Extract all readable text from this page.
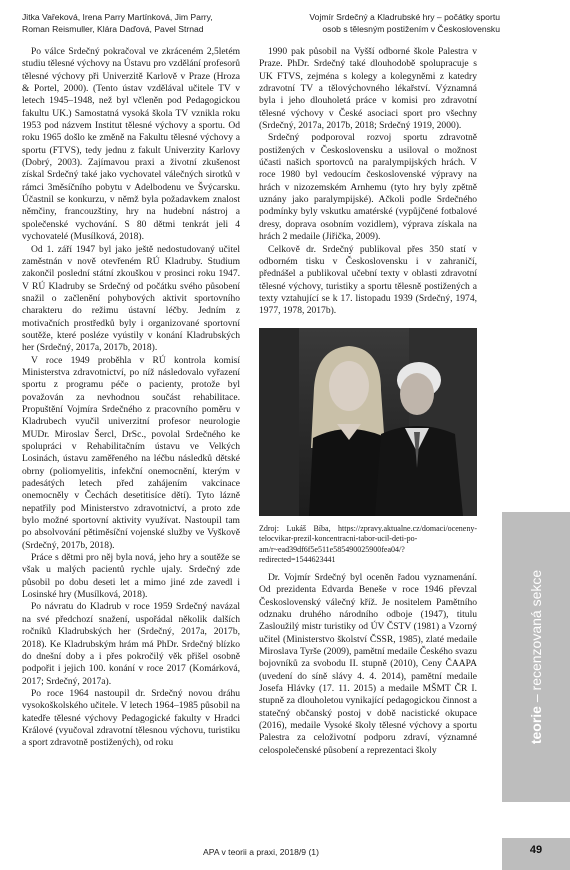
Jitka Vařeková, Irena Parry Martínková, Jim Parry,
Roman Reismuller, Klára Daďová, Pavel Strnad
Vojmír Srdečný a Kladrubské hry – počátky sportu
osob s tělesným postižením v Československu

Po válce Srdečný pokračoval ve zkráceném 2,5letém studiu tělesné výchovy na Ústavu pro vzdělání profesorů tělesné výchovy při Univerzitě Karlově v Praze (Hroza & Portel, 2000). (Tento ústav vzdělával učitele TV v letech 1945–1948, než byl včleněn pod Pedagogickou fakultu UK.) Samostatná vysoká škola TV vznikla roku 1953 pod názvem Institut tělesné výchovy a sportu. Od roku 1965 došlo ke změně na Fakultu tělesné výchovy a sportu (FTVS), tedy jednu z fakult Univerzity Karlovy (Dobrý, 2003). Zajímavou praxi a životní zkušenost získal Srdečný také jako vychovatel válečných sirotků v rámci 3měsíčního pobytu v Adelbodenu ve Švýcarsku. Účastnil se konkurzu, v němž byla požadavkem znalost němčiny, francouzštiny, hry na hudební nástroj a společenské vychování. S 80 dětmi tenkrát jeli 4 vychovatelé (Musílková, 2018).

Od 1. září 1947 byl jako ještě nedostudovaný učitel zaměstnán v nově otevřeném RÚ Kladruby. Studium zakončil poslední státní zkouškou v prosinci roku 1947. V RÚ Kladruby se Srdečný od počátku svého působení snažil o začlenění pohybových aktivit sportovního charakteru do režimu ústavní léčby. Jedním z motivačních prostředků byly i organizované sportovní soutěže, které posléze vyústily v konání Kladrubských her (Srdečný, 2017a, 2017b, 2018).

V roce 1949 proběhla v RÚ kontrola komisí Ministerstva zdravotnictví, po níž následovalo vyřazení sportu z programu péče o pacienty, protože byl považován za nevhodnou součást rehabilitace. Propuštění Vojmíra Srdečného z pracovního poměru v Kladrubech vyučil univerzitní profesor neurologie MUDr. Miroslav Šercl, DrSc., povolal Srdečného ke spolupráci v Rehabilitačním ústavu ve Velkých Losinách, ústavu zaměřeného na léčbu následků dětské obrny (poliomyelitis, infekční onemocnění, kterým v padesátých letech před zahájením vakcinace onemocněly v Čechách desetitisíce dětí). Tyto lázně nepatřily pod Ministerstvo zdravotnictví, a proto zde bylo možné sportovní aktivity využívat. Nastoupil tam po absolvování pětiměsíční vojenské služby ve Vyškově (Srdečný, 2017b, 2018).

Práce s dětmi pro něj byla nová, jeho hry a soutěže se však u malých pacientů rychle ujaly. Srdečný zde působil po dobu deseti let a mimo jiné zde zavedl i Losinské hry (Musílková, 2018).

Po návratu do Kladrub v roce 1959 Srdečný navázal na své předchozí snažení, uspořádal několik dalších ročníků Kladrubských her (Srdečný, 2017a, 2017b, 2018). Ke Kladrubským hrám má PhDr. Srdečný blízko do dnešní doby a i přes pokročilý věk přišel osobně podpořit i jejich 100. konání v roce 2017 (Komárková, 2017; Srdečný, 2017a).

Po roce 1964 nastoupil dr. Srdečný novou dráhu vysokoškolského učitele. V letech 1964–1985 působil na katedře tělesné výchovy Pedagogické fakulty v Hradci Králové (vyučoval zdravotní tělesnou výchovu, turistiku a sport zdravotně postižených), od roku

1990 pak působil na Vyšší odborné škole Palestra v Praze. PhDr. Srdečný také dlouhodobě spolupracuje s UK FTVS, zejména s kolegy a kolegyněmi z katedry zdravotní TV a tělovýchovného lékařství. Významná byla i jeho dlouholetá práce v komisi pro zdravotní tělesné výchovy v České asociaci sport pro všechny (Srdečný, 2017a, 2017b, 2018; Srdečný 1919, 2000).

Srdečný podporoval rozvoj sportu zdravotně postižených v Československu a usiloval o možnost účasti našich sportovců na paralympijských hrách. V roce 1980 byl vedoucím československé výpravy na hrách v nizozemském Arnhemu (tyto hry byly zpětně uznány jako paralympijské). Ačkoli podle Srdečného podmínky byly vskutku amatérské (vypůjčené fotbalové dresy, doprava osobním vozidlem), výprava získala na hrách 2 medaile (Jiřička, 2009).

Celkově dr. Srdečný publikoval přes 350 statí v odborném tisku v Československu i v zahraničí, přednášel a publikoval učební texty v oblasti zdravotní tělesné výchovy, turistiky a sportu tělesně postižených a texty vztahující se k 17. listopadu 1939 (Srdečný, 1974, 1977, 1978, 2017b).

Zdroj: Lukáš Bíba, https://zpravy.aktualne.cz/domaci/oceneny-telocvikar-prezil-koncentracni-tabor-ucil-deti-po-am/r~ead39df6f5e511e585490025900fea04/?redirected=1544623441

Dr. Vojmír Srdečný byl oceněn řadou vyznamenání. Od prezidenta Edvarda Beneše v roce 1946 převzal Československý válečný kříž. Je nositelem Pamětního odznaku druhého národního odboje (1947), titulu Zasloužilý mistr turistiky od ÚV ČSTV (1981) a Vzorný učitel (Ministerstvo školství ČSSR, 1985), zlaté medaile Miroslava Tyrše (2009), pamětní medaile Českého svazu bojovníků za svobodu II. stupně (2010), Ceny ČAAPA (uvedení do síně slávy 4. 4. 2014), pamětní medaile Josefa Hlávky (17. 11. 2015) a medaile MŠMT ČR I. stupně za dlouholetou vynikající pedagogickou činnost a statečný občanský postoj v době nacistické okupace (2016), medaile Vysoké školy tělesné výchovy a sportu Palestra za celoživotní podporu zdraví, významné celospolečenské působení a reprezentaci školy

teorie – recenzovaná sekce
APA v teorii a praxi, 2018/9 (1)	49
